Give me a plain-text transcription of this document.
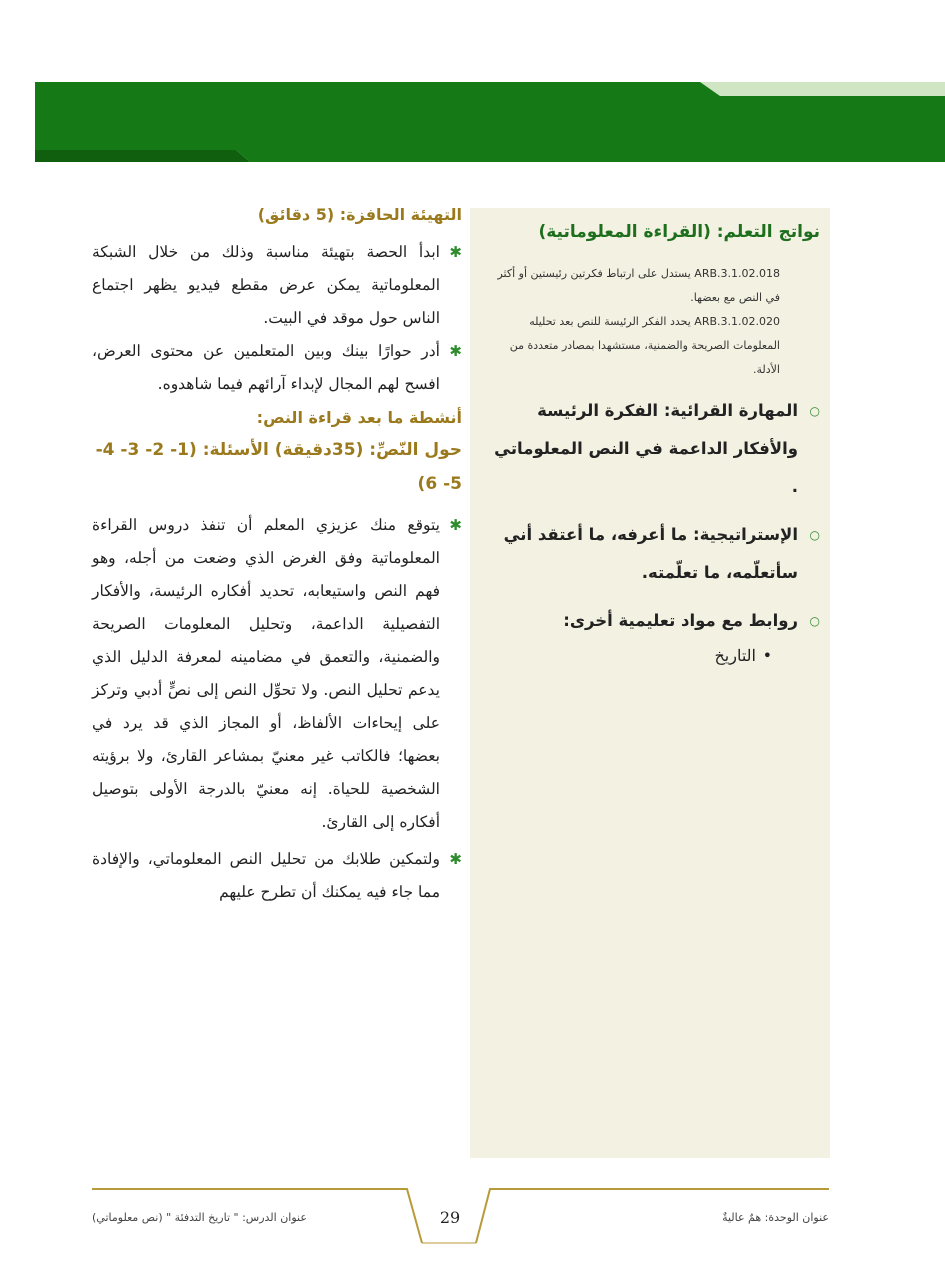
التهيئة الحافزة: (5 دقائق)
✱
ابدأ الحصة بتهيئة مناسبة وذلك من خلال الشبكة المعلوماتية يمكن عرض مقطع فيديو يظهر اجتماع الناس حول موقد في البيت.
✱
أدر حوارًا بينك وبين المتعلمين عن محتوى العرض، افسح لهم المجال لإبداء آرائهم فيما شاهدوه.
أنشطة ما بعد قراءة النص:
حول النّصِّ: (35دقيقة) الأسئلة: (1- 2- 3- 4- 5- 6)
✱
يتوقع منك عزيزي المعلم أن تنفذ دروس القراءة المعلوماتية وفق الغرض الذي وضعت من أجله، وهو فهم النص واستيعابه، تحديد أفكاره الرئيسة، والأفكار التفصيلية الداعمة، وتحليل المعلومات الصريحة والضمنية، والتعمق في مضامينه لمعرفة الدليل الذي يدعم تحليل النص. ولا تحوِّل النص إلى نصٍّ أدبي وتركز على إيحاءات الألفاظ، أو المجاز الذي قد يرد في بعضها؛ فالكاتب غير معنيّ بمشاعر القارئ، ولا برؤيته الشخصية للحياة. إنه معنيّ بالدرجة الأولى بتوصيل أفكاره إلى القارئ.
✱
ولتمكين طلابك من تحليل النص المعلوماتي، والإفادة مما جاء فيه يمكنك أن تطرح عليهم
نواتج التعلم: (القراءة المعلوماتية)
ARB.3.1.02.018 يستدل على ارتباط فكرتين رئيستين أو أكثر في النص مع بعضها.
ARB.3.1.02.020 يحدد الفكر الرئيسة للنص بعد تحليله المعلومات الصريحة والضمنية، مستشهدا بمصادر متعددة من الأدلة.
○
المهارة القرائية: الفكرة الرئيسة والأفكار الداعمة في النص المعلوماتي .
○
الإستراتيجية: ما أعرفه، ما أعتقد أني سأتعلّمه، ما تعلّمته.
○
روابط مع مواد تعليمية أخرى:
•
التاريخ
29	عنوان الوحدة: همٌ عاليةٌ
عنوان الدرس: " تاريخ التدفئة " (نص معلوماتي)
